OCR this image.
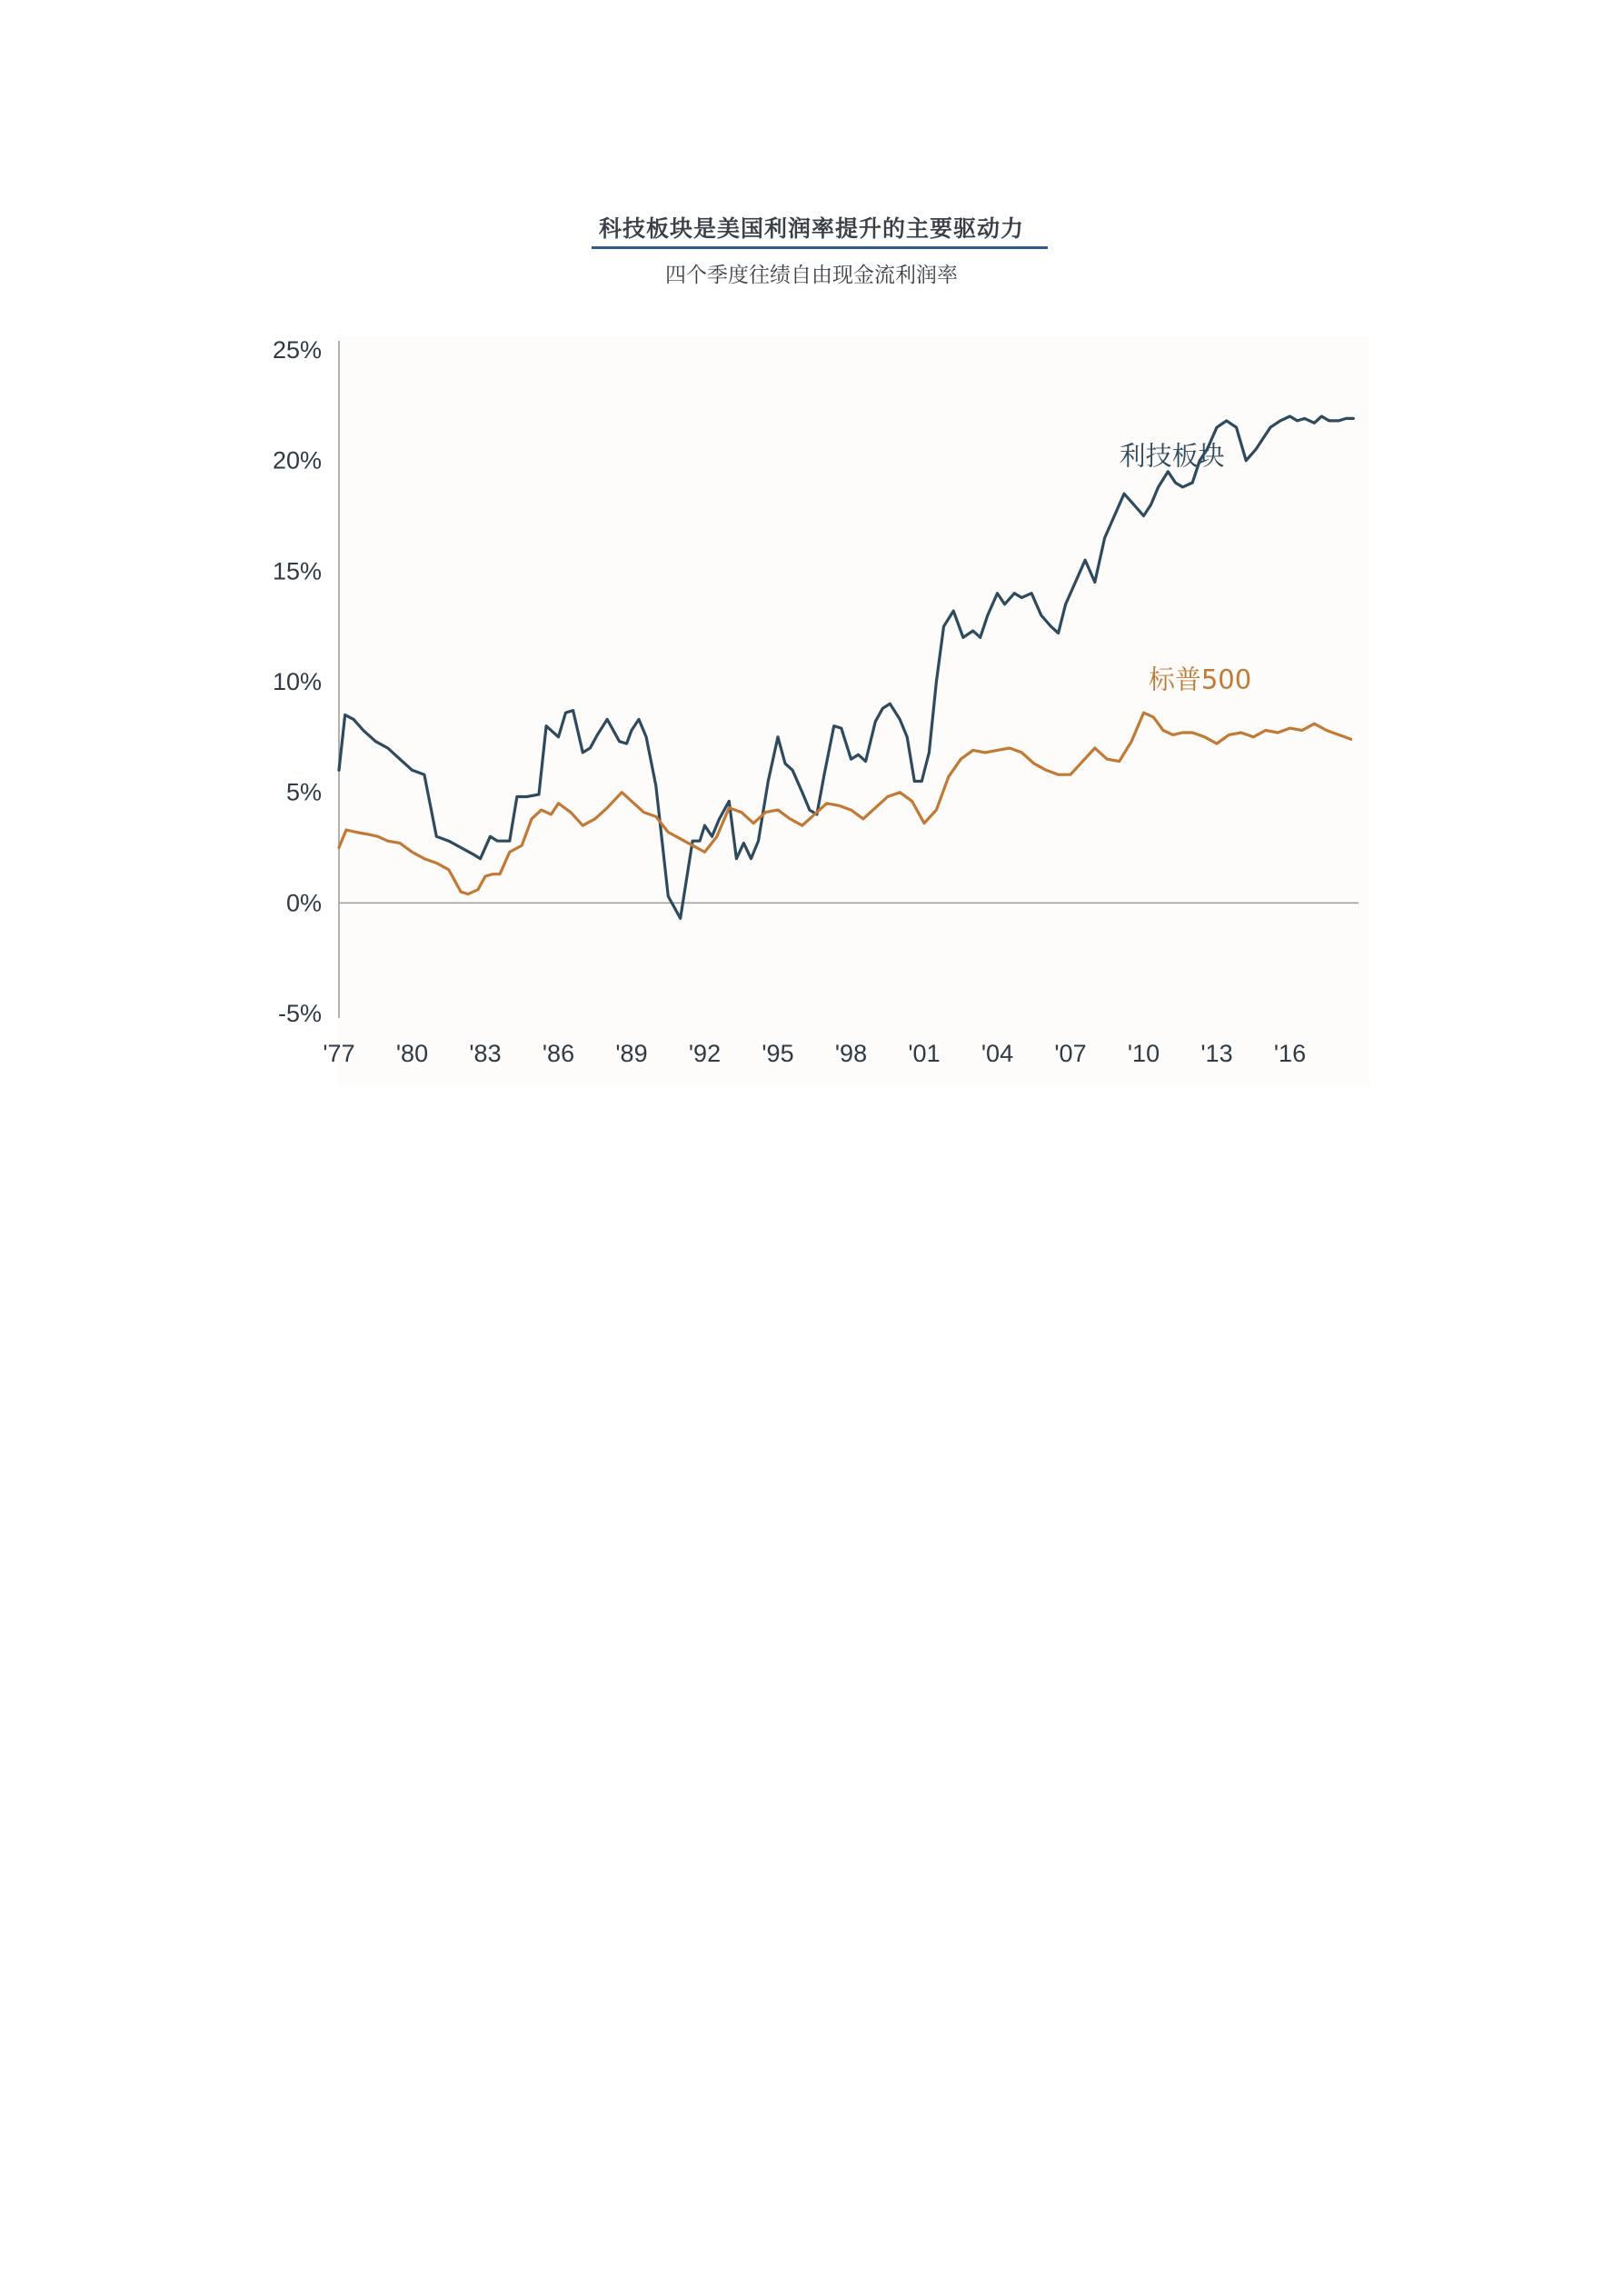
科技板块是美国利润率提升的主要驱动力
四个季度往绩自由现金流利润率
25%
20%
15%
10%
5%
0%
-5%
'77 '80 '83 '86 '89 '92 '95 '98 '01 '04 '07 '10 '13 '16
利技板块
标普500
